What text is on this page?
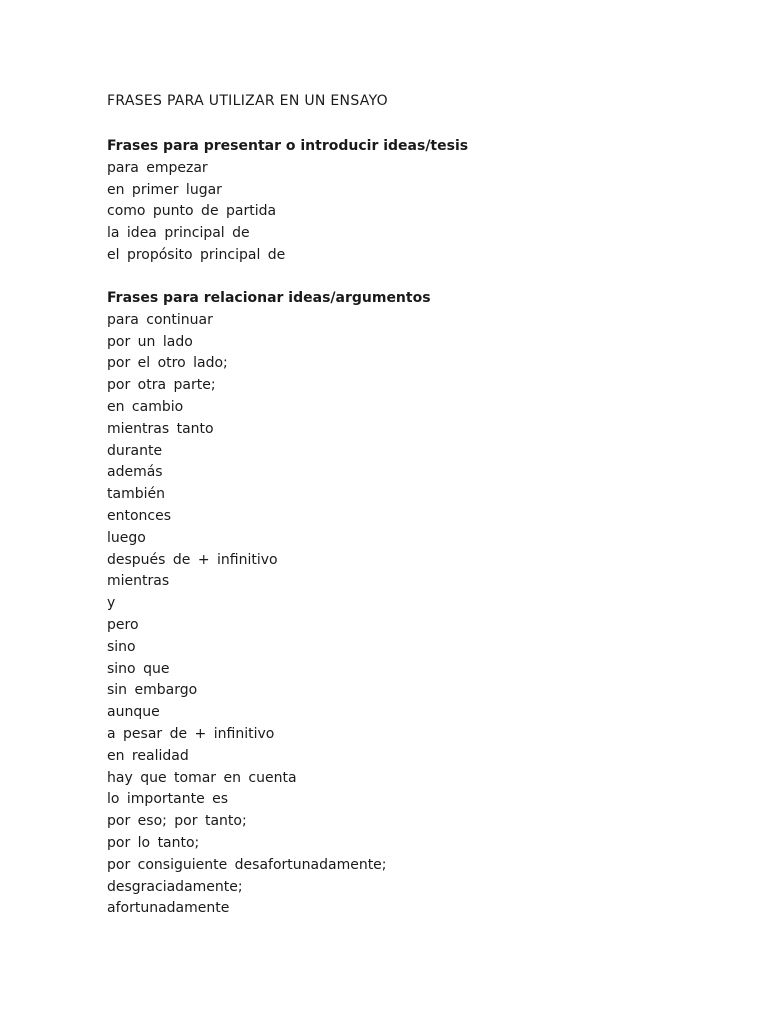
FRASES PARA UTILIZAR EN UN ENSAYO
Frases para presentar o introducir ideas/tesis
para empezar
en primer lugar
como punto de partida
la idea principal de
el propósito principal de
Frases para relacionar ideas/argumentos
para continuar
por un lado
por el otro lado;
por otra parte;
en cambio
mientras tanto
durante
además
también
entonces
luego
después de + infinitivo
mientras
y
pero
sino
sino que
sin embargo
aunque
a pesar de + infinitivo
en realidad
hay que tomar en cuenta
lo importante es
por eso; por tanto;
por lo tanto;
por consiguiente desafortunadamente;
desgraciadamente;
afortunadamente
